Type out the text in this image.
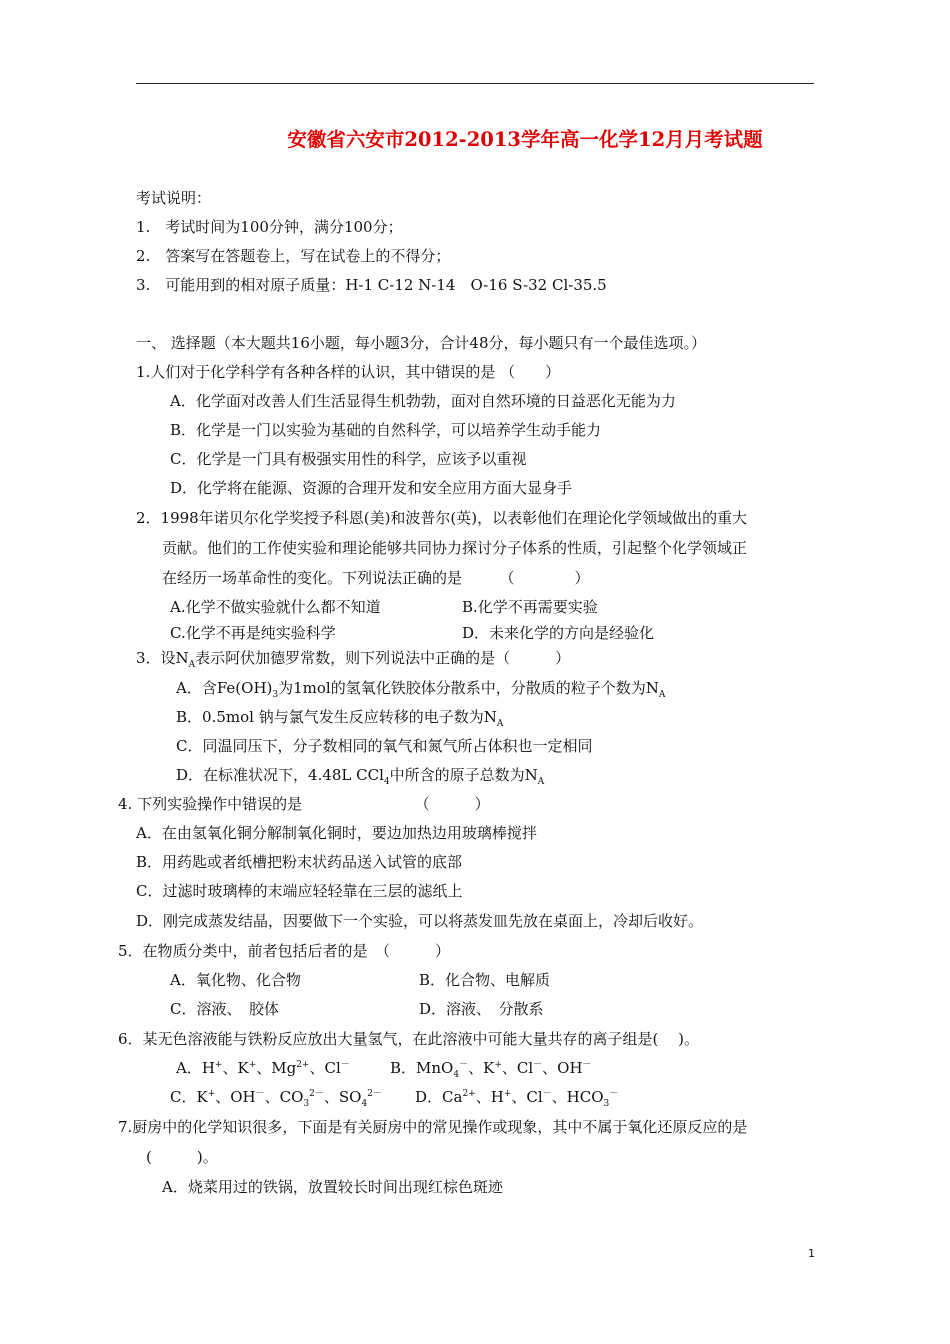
安徽省六安市2012-2013学年高一化学12月月考试题
考试说明：
1.　考试时间为100分钟，满分100分；
2.　答案写在答题卷上，写在试卷上的不得分；
3.　可能用到的相对原子质量：H-1 C-12 N-14　O-16 S-32 Cl-35.5
一、 选择题（本大题共16小题，每小题3分，合计48分，每小题只有一个最佳选项。）
1.人们对于化学科学有各种各样的认识，其中错误的是 （　　）
A．化学面对改善人们生活显得生机勃勃，面对自然环境的日益恶化无能为力
B．化学是一门以实验为基础的自然科学，可以培养学生动手能力
C．化学是一门具有极强实用性的科学，应该予以重视
D．化学将在能源、资源的合理开发和安全应用方面大显身手
2．1998年诺贝尔化学奖授予科恩(美)和波普尔(英)，以表彰他们在理论化学领域做出的重大
贡献。他们的工作使实验和理论能够共同协力探讨分子体系的性质，引起整个化学领域正
在经历一场革命性的变化。下列说法正确的是　　　（　　　　）
A.化学不做实验就什么都不知道	B.化学不再需要实验
C.化学不再是纯实验科学	D．未来化学的方向是经验化
3．设$N_A$表示阿伏加德罗常数，则下列说法中正确的是（　　　）
A．含$Fe(OH)_3$为1mol的氢氧化铁胶体分散系中，分散质的粒子个数为$N_A$
B．0.5mol 钠与氯气发生反应转移的电子数为$N_A$
C．同温同压下，分子数相同的氧气和氮气所占体积也一定相同
D．在标准状况下，4.48L CCl$_4$中所含的原子总数为$N_A$
4. 下列实验操作中错误的是　　　　　　　　（　　　）
A．在由氢氧化铜分解制氧化铜时，要边加热边用玻璃棒搅拌
B．用药匙或者纸槽把粉末状药品送入试管的底部
C．过滤时玻璃棒的末端应轻轻靠在三层的滤纸上
D．刚完成蒸发结晶，因要做下一个实验，可以将蒸发皿先放在桌面上，冷却后收好。
5．在物质分类中，前者包括后者的是　（　　　）
A．氧化物、化合物	B．化合物、电解质
C．溶液、　胶体	D．溶液、　分散系
6．某无色溶液能与铁粉反应放出大量氢气，在此溶液中可能大量共存的离子组是(　 )。
A．H+、K+、$Mg^{2+}$、Cl－	B．MnO$_4$－、K+、Cl－、OH－
C．K+、OH－、$CO_3^{2-}$、$SO_4^{2-}$ D．$Ca^{2+}$、H+、Cl－、$HCO_3^-$
7.厨房中的化学知识很多，下面是有关厨房中的常见操作或现象，其中不属于氧化还原反应的是
(　　　)。
A．烧菜用过的铁锅，放置较长时间出现红棕色斑迹
1
